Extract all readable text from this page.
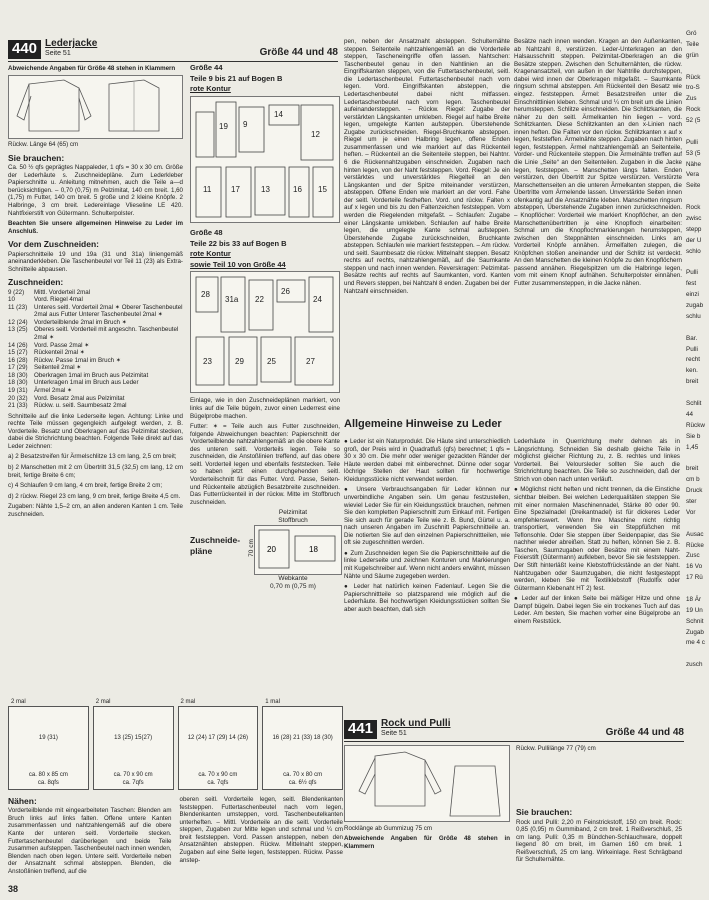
440 Lederjacke
Seite 51	Größe 44 und 48

Abweichende Angaben für Größe 48 stehen in Klammern

Rückw. Länge 64 (65) cm

Sie brauchen:

Ca. 50 ½ qfs geprägtes Nappaleder, 1 qfs = 30 x 30 cm. Größe der Lederhäute s. Zuschneidepläne. Zum Lederkleber Papierschnitte u. Anleitung mitnehmen, auch die Teile a—d berücksichtigen. – 0,70 (0,75) m Pelzimitat, 140 cm breit. 1,60 (1,75) m Futter, 140 cm breit. 5 große und 2 kleine Knöpfe. 2 Halbringe, 3 cm breit. Ledereinlage Vlieseline LE 420. Nahtfixierstift von Gütermann. Schulterpolster.

Beachten Sie unsere allgemeinen Hinweise zu Leder im Anschluß.

Vor dem Zuschneiden:

Papierschnitteile 19 und 19a (31 und 31a) liniengemäß aneinanderkleben. Die Taschenbeutel vor Teil 11 (23) als Extra-Schnitteile abpausen.

Zuschneiden:
9 (22)	Mittl. Vorderteil 2mal
10	Vord. Riegel 4mal
11 (23)	Unteres seitl. Vorderteil 2mal ✶ Oberer Taschenbeutel 2mal aus Futter Unterer Taschenbeutel 2mal ✶
12 (24)	Vorderteilblende 2mal im Bruch ✶
13 (25)	Oberes seitl. Vorderteil mit angeschn. Taschenbeutel 2mal ✶
14 (26)	Vord. Passe 2mal ✶
15 (27)	Rückenteil 2mal ✶
16 (28)	Rückw. Passe 1mal im Bruch ✶
17 (29)	Seitenteil 2mal ✶
18 (30)	Oberkragen 1mal im Bruch aus Pelzimitat
18 (30)	Unterkragen 1mal im Bruch aus Leder
19 (31)	Ärmel 2mal ✶
20 (32)	Vord. Besatz 2mal aus Pelzimitat
21 (33)	Rückw. u. seitl. Saumbesatz 2mal

Schnitteile auf die linke Lederseite legen. Achtung: Linke und rechte Teile müssen gegengleich aufgelegt werden, z. B. Vorderteile. Besatz und Oberkragen auf das Pelzimitat stecken, dabei die Strichrichtung beachten. Folgende Teile direkt auf das Leder zeichnen:

a) 2 Besatzstreifen für Ärmelschlitze 13 cm lang, 2,5 cm breit;

b) 2 Manschetten mit 2 cm Übertritt 31,5 (32,5) cm lang, 12 cm breit, fertige Breite 6 cm;

c) 4 Schlaufen 9 cm lang, 4 cm breit, fertige Breite 2 cm;

d) 2 rückw. Riegel 23 cm lang, 9 cm breit, fertige Breite 4,5 cm.

Zugaben: Nähte 1,5–2 cm, an allen anderen Kanten 1 cm. Teile zuschneiden.

Größe 44
Teile 9 bis 21 auf Bogen B
rote Kontur
19 9
14
12
11 17	13	16 15
Größe 48
Teile 22 bis 33 auf Bogen B
rote Kontur
sowie Teil 10 von Größe 44
28
31a 22
26
24
23	29	25	27

Einlage, wie in den Zuschneideplänen markiert, von links auf die Teile bügeln, zuvor einen Lederrest eine Bügelprobe machen.

Futter: ✶ = Teile auch aus Futter zuschneiden, folgende Abweichungen beachten: Papierschnitt der Vorderteilblende nahtzahlengemäß an die obere Kante des unteren seitl. Vorderteils legen. Teile so zuschneiden, die Anstoßlinien treffend, auf das obere seitl. Vorderteil legen und ebenfalls feststecken. Teile so haben jetzt einen durchgehenden seitl. Vorderteilschnitt für das Futter. Vord. Passe, Seiten- und Rückenteile abzüglich Besatzbreite zuschneiden. Das Futterrückenteil in der rückw. Mitte im Stoffbruch zuschneiden.

Zuschneide-
pläne
Pelzimitat
Stoffbruch
20	18
70 cm
Webkante
0,70 m (0,75 m)

pen, neben der Ansatznaht absteppen. Schulternähte steppen. Seitenteile nahtzahlengemäß an die Vorderteile steppen, Tascheneingriffe offen lassen. Nahtschen: Taschenbeutel genau in den Nahtlinien an die Eingriffskanten steppen, von die Futtertaschenbeutel, seitl. die Ledertaschenbeutel. Futtertaschenbeutel nach vorn legen. Vord. Eingriffskanten absteppen, die Ledertaschenbeutel dabei nicht mitfassen. Ledertaschenbeutel nach vorn legen. Taschenbeutel aufeinandersteppen. – Rückw. Riegel: Zugabe der verstärkten Längskanten umkleben. Riegel auf halbe Breite legen, umgelegte Kanten aufsteppen. Überstehende Zugabe zurückschneiden. Riegel-Bruchkante absteppen. Riegel um je einen Halbring legen, offene Enden zusammenfassen und wie markiert auf das Rückenteil heften. – Rückenteil an die Seitenteile steppen, bei Nahtnr. 6 die Rückennahtzugaben einschneiden. Zugaben nach hinten legen, von der Naht feststeppen. Vord. Riegel: Je ein verstärktes und unverstärktes Riegelteil an den Längskanten und der Spitze miteinander verstürzen, absteppen. Offene Enden wie markiert an der vord. Fahe der seitl. Vorderteile festheften. Vord. und rückw. Falten x auf x legen und bis zu den Faltenzeichen feststeppen. Vom werden die Riegelenden mitgefaßt. – Schlaufen: Zugabe einer Längskante umkleben. Schlaufen auf halbe Breite legen, die umgelegte Kante schmal aufsteppen. Überstehende Zugabe zurückschneiden, Bruchkante absteppen. Schlaufen wie markiert feststeppen. – Am rückw. und seitl. Saumbesatz die rückw. Mittelnaht steppen. Besatz rechts auf rechts, nahtzahlengemäß, auf die Saumkante steppen und nach innen wenden. Reverskragen: Pelzimitat-Besätze rechts auf rechts auf Saumkanten, vord. Kanten und Revers steppen, bei Nahtzahl 8 enden. Zugaben bei der Nahtzahl einschneiden.

Besätze nach innen wenden. Kragen an den Außenkanten, ab Nahtzahl 8, verstürzen. Leder-Unterkragen an den Halsausschnitt steppen. Pelzimitat-Oberkragen an die Besätze steppen. Zwischen den Schulternähten, die rückw. Kragenansatzteil, von außen in der Nahtrille durchsteppen, dabei wird innen der Oberkragen mitgefaßt. – Saumkante ringsum schmal absteppen. Am Rückenteil den Besatz wie eingez. feststeppen. Ärmel: Besatzstreifen unter die Einschnittlinien kleben. Schmal und ¼ cm breit um die Linien herumsteppen. Schlitze einschneiden. Die Schlitzkanten, die näher zu den seitl. Ärmelkanten hin liegen – vord. Schlitzkanten. Diese Schlitzkanten an den x-Linien nach innen heften. Die Falten vor den rückw. Schlitzkanten x auf x legen, feststeffen. Ärmelnähte steppen. Zugaben nach hinten legen, feststeppen. Ärmel nahtzahlengemäß an Seitenteile, Vorder- und Rückenteile steppen. Die Ärmelnähte treffen auf die Linie „Seite“ an den Seitenteilen. Zugaben in die Jacke legen, feststeppen. – Manschetten längs falten. Enden verstürzen, den Übertritt zur Spitze verstürzen. Verstürzte Manschettenseiten an die unteren Ärmelkanten steppen, die Übertritte vom Ärmelende lassen. Unverstärkte Seiten innen ofenkantig auf die Ansatznähte kleben. Manschetten ringsum absteppen, Überstehende Zugaben innen zurückschneiden. – Knopflöcher: Vorderteil wie markiert Knopflöcher, an den Manschettenübertritten je eine Knopfloch einarbeiten: Schmal um die Knopflochmarkierungen herumsteppen, zwischen den Steppnähten einschneiden. Links am Vorderteil Knöpfe annähen. Ärmelfalten zulegen, die Knöpfchen stoßen aneinander und der Schlitz ist verdeckt. An den Manschetten die kleinen Knöpfe zu den Knopflöchern passend annähen. Riegelspitzen um die Halbringe legen, vom mit einem Knopf aufnähen. Schulterpolster einnähen. Futter zusammensteppen, in die Jacke nähen.

Allgemeine Hinweise zu Leder

● Leder ist ein Naturprodukt. Die Häute sind unterschiedlich groß, der Preis wird in Quadratfuß (qfs) berechnet; 1 qfs = 30 x 30 cm. Die mehr oder weniger gezackten Ränder der Häute werden dabei mit einberechnet. Dünne oder sogar löchrige Stellen der Haut sollten für hochwertige Kleidungsstücke nicht verwendet werden.

● Unsere Verbrauchsangaben für Leder können nur unverbindliche Angaben sein. Um genau festzustellen, wieviel Leder Sie für ein Kleidungsstück brauchen, nehmen Sie den kompletten Papierschnitt zum Einkauf mit. Fertigen Sie sich auch für gerade Teile wie z. B. Bund, Gürtel u. a. nach unseren Angaben im Zuschnitt Papierschnitteile an. Die notierten Sie auf den einzelnen Papierschnittteilen, wie oft sie zugeschnitten werden.

● Zum Zuschneiden legen Sie die Papierschnittteile auf die linke Lederseite und zeichnen Konturen und Markierungen mit Kugelschreiber auf. Wenn nicht anders erwähnt, müssen Nähte und Säume zugegeben werden.

● Leder hat natürlich keinen Fadenlauf. Legen Sie die Papierschnittteile so platzsparend wie möglich auf die Lederhäute. Bei hochwertigen Kleidungsstücken sollten Sie aber auch beachten, daß sich

Lederhäute in Querrichtung mehr dehnen als in Längsrichtung. Schneiden Sie deshalb gleiche Teile in möglichst gleicher Richtung zu, z. B. rechtes und linkes Vorderteil. Bei Veloursleder sollten Sie auch die Strichrichtung beachten. Die Teile so zuschneiden, daß der Strich von oben nach unten verläuft.

● Möglichst nicht heften und nicht trennen, da die Einstiche sichtbar bleiben. Bei welchen Lederqualitäten steppen Sie mit einer normalen Maschinennadel, Stärke 80 oder 90. Eine Spezialnadel (Dreikantnadel) ist für dickeres Leder empfehlenswert. Wenn Ihre Maschine nicht richtig transportiert, verwenden Sie ein Steppfüßchen mit Teflonsohle. Oder Sie steppen über Seidenpapier, das Sie nachher wieder abreißen. Statt zu heften, können Sie z. B. Taschen, Saumzugaben oder Besätze mit einem Naht-Fixierstift (Gütermann) aufkleben, bevor Sie sie feststeppen. Der Stift hinterläßt keine Klebstoffrückstände an der Naht. Nahtzugaben oder Saumzugaben, die nicht festgesteppt werden, kleben Sie mit Textilklebstoff (Rudolfix oder Gütermann Klebenaht HT 2) fest.

● Leder auf der linken Seite bei mäßiger Hitze und ohne Dampf bügeln. Dabei legen Sie ein trockenes Tuch auf das Leder. Am besten, Sie machen vorher eine Bügelprobe an einem Reststück.

441 Rock und Pulli
Seite 51	Größe 44 und 48

Rocklänge ab Gummizug 75 cm

Abweichende Angaben für Größe 48 stehen in Klammern

Rückw. Pullilänge 77 (79) cm

Sie brauchen:

Rock und Pulli: 2,20 m Feinstrickstoff, 150 cm breit. Rock: 0,85 (0,95) m Gummiband, 2 cm breit. 1 Reißverschluß, 25 cm lang. Pulli: 0,35 m Bündchen-Schlauchware, doppelt liegend 80 cm breit, im Garnen 160 cm breit. 1 Reißverschluß, 25 cm lang. Wirkeinlage. Rest Schrägband für Schulternähte.

2 mal
19 (31)
ca. 80 x 85 cm
ca. 8qfs
2 mal
13 (25) 15(27)
ca. 70 x 90 cm
ca. 7qfs
2 mal
12 (24) 17 (29) 14 (26)
ca. 70 x 90 cm
ca. 7qfs
1 mal
16 (28) 21 (33) 18 (30)
ca. 70 x 80 cm
ca. 6½ qfs
Nähen:

Vorderteilblende mit eingearbeiteten Taschen: Blenden am Bruch links auf links falten. Offene untere Kanten zusammenfassen und nahtzahlengemäß auf die obere Kante der unteren seitl. Vorderteile stecken. Futtertaschenbeutel darüberlegen und beide Teile zusammen aufsteppen. Taschenbeutel nach innen wenden, Blenden nach oben legen. Untere seitl. Vorderteile neben der Ansatznaht schmal absteppen. Blenden, die Anstoßlinien treffend, auf die

oberen seitl. Vorderteile legen, seitl. Blendenkanten feststeppen. Futtertaschenbeutel nach vorn legen, Blendenkanten umsteppen, vord. Taschenbeutelkanten unterheften. – Mittl. Vorderteile an die seitl. Vorderteile steppen, Zugaben zur Mitte legen und schmal und ¼ cm breit feststeppen. Vord. Passen ansteppen, neben den Ansatznähten absteppen. Rückw. Mittelnaht steppen, Zugaben auf eine Seite legen, feststeppen. Rückw. Passe anstep-

38
Grö
Teile
grün
Rück
tro-S
Zus
Rock
52 (5
Pulli
53 (5
Nähe
Vera
Seite
Rock
zwisc
stepp
der U
schlo
Pulli
fest
einzi
zugab
schlu
Bar.
Pulli
recht
ken.
breit
Schlit
44
Rückw
Sie b
1,45
breit
cm b
Druck
ster
Vor
Ausac
Rücke
Zusc
16 Vo
17 Rü
18 Är
19 Un
Schnit
Zugab
me 4 c
zusch
